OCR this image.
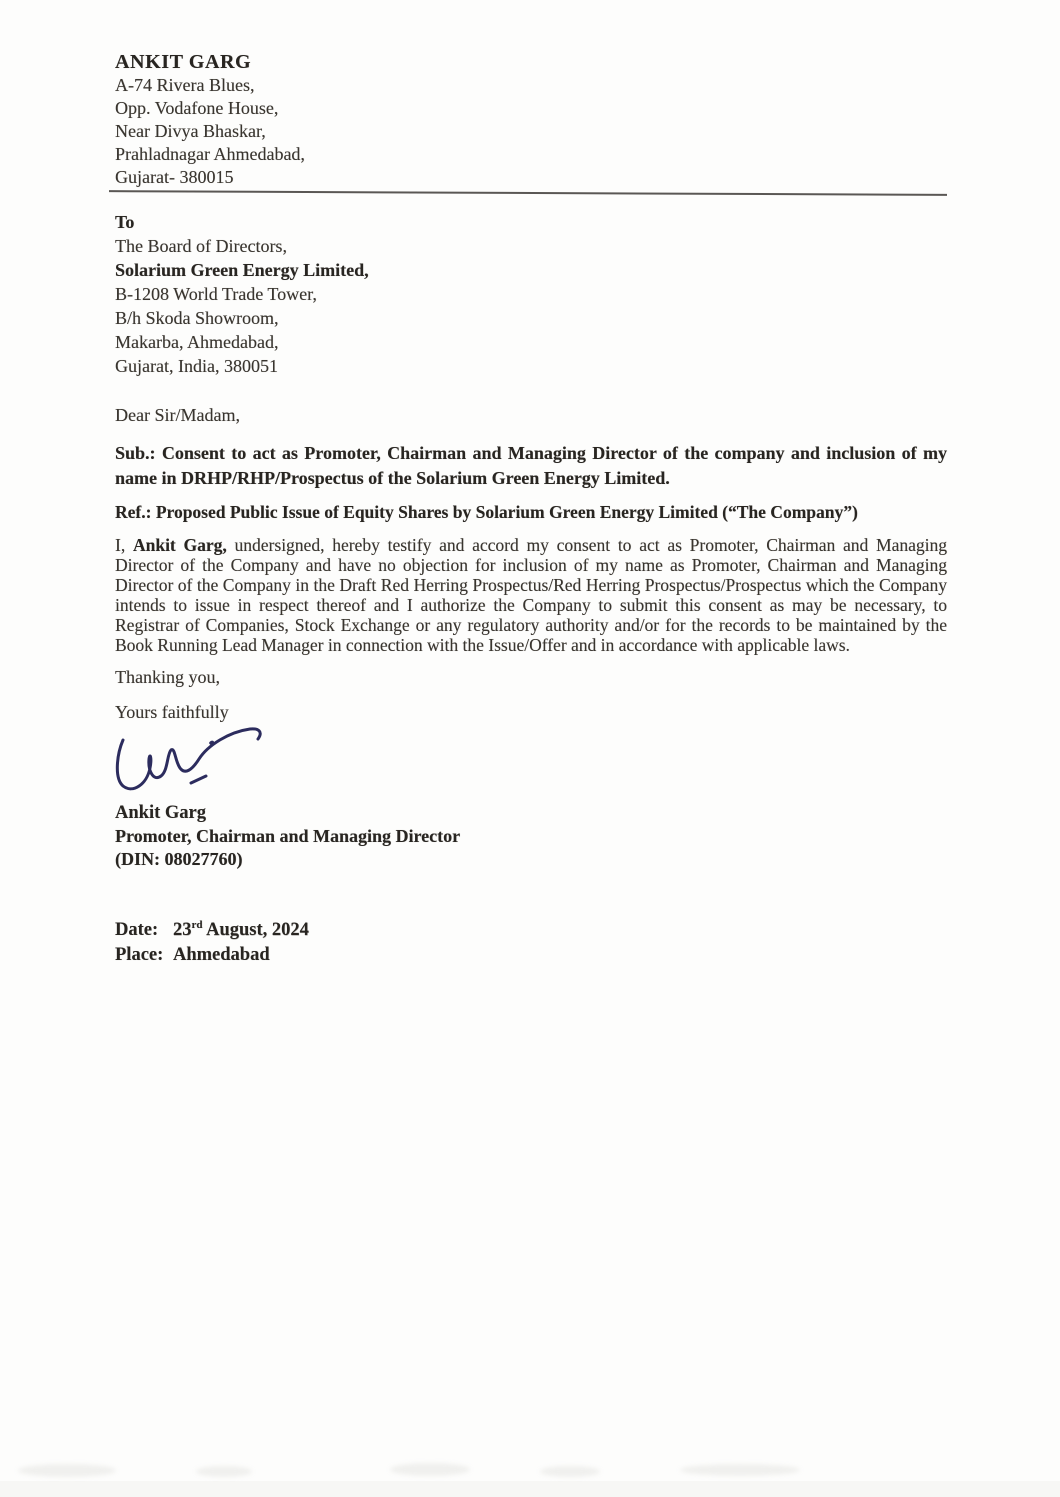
ANKIT GARG
A-74 Rivera Blues,
Opp. Vodafone House,
Near Divya Bhaskar,
Prahladnagar Ahmedabad,
Gujarat- 380015
To
The Board of Directors,
Solarium Green Energy Limited,
B-1208 World Trade Tower,
B/h Skoda Showroom,
Makarba, Ahmedabad,
Gujarat, India, 380051

Dear Sir/Madam,

Sub.: Consent to act as Promoter, Chairman and Managing Director of the company and inclusion of my name in DRHP/RHP/Prospectus of the Solarium Green Energy Limited.

Ref.: Proposed Public Issue of Equity Shares by Solarium Green Energy Limited (“The Company”)

I, Ankit Garg, undersigned, hereby testify and accord my consent to act as Promoter, Chairman and Managing Director of the Company and have no objection for inclusion of my name as Promoter, Chairman and Managing Director of the Company in the Draft Red Herring Prospectus/Red Herring Prospectus/Prospectus which the Company intends to issue in respect thereof and I authorize the Company to submit this consent as may be necessary, to Registrar of Companies, Stock Exchange or any regulatory authority and/or for the records to be maintained by the Book Running Lead Manager in connection with the Issue/Offer and in accordance with applicable laws.

Thanking you,

Yours faithfully

Ankit Garg
Promoter, Chairman and Managing Director
(DIN: 08027760)
Date: 23rd August, 2024
Place: Ahmedabad
